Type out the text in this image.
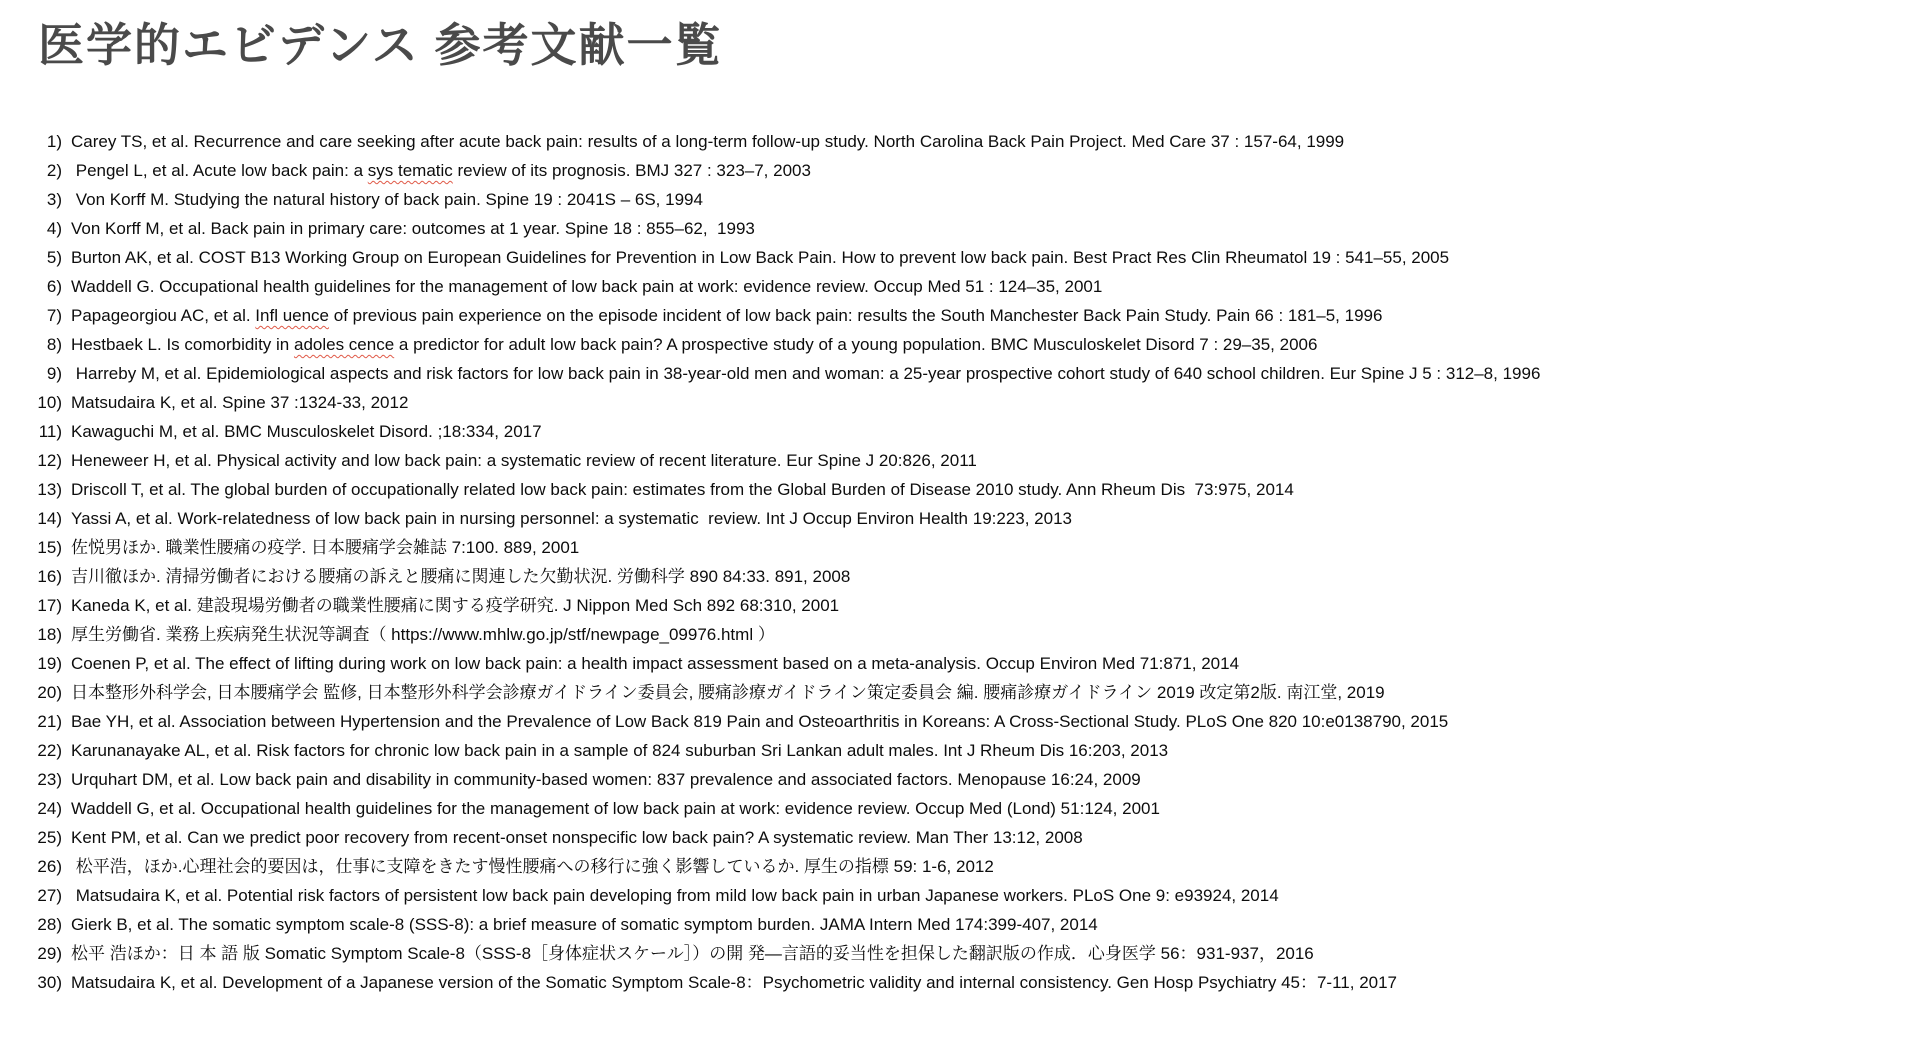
医学的エビデンス 参考文献一覧
1) Carey TS, et al. Recurrence and care seeking after acute back pain: results of a long-term follow-up study. North Carolina Back Pain Project. Med Care 37 : 157-64, 1999
2) Pengel L, et al. Acute low back pain: a sys tematic review of its prognosis. BMJ 327 : 323–7, 2003
3) Von Korff M. Studying the natural history of back pain. Spine 19 : 2041S – 6S, 1994
4) Von Korff M, et al. Back pain in primary care: outcomes at 1 year. Spine 18 : 855–62,  1993
5) Burton AK, et al. COST B13 Working Group on European Guidelines for Prevention in Low Back Pain. How to prevent low back pain. Best Pract Res Clin Rheumatol 19 : 541–55, 2005
6) Waddell G. Occupational health guidelines for the management of low back pain at work: evidence review. Occup Med 51 : 124–35, 2001
7) Papageorgiou AC, et al. Infl uence of previous pain experience on the episode incident of low back pain: results the South Manchester Back Pain Study. Pain 66 : 181–5, 1996
8) Hestbaek L. Is comorbidity in adoles cence a predictor for adult low back pain? A prospective study of a young population. BMC Musculoskelet Disord 7 : 29–35, 2006
9) Harreby M, et al. Epidemiological aspects and risk factors for low back pain in 38-year-old men and woman: a 25-year prospective cohort study of 640 school children. Eur Spine J 5 : 312–8, 1996
10) Matsudaira K, et al. Spine 37 :1324-33, 2012
11) Kawaguchi M, et al. BMC Musculoskelet Disord. ;18:334, 2017
12) Heneweer H, et al. Physical activity and low back pain: a systematic review of recent literature. Eur Spine J 20:826, 2011
13) Driscoll T, et al. The global burden of occupationally related low back pain: estimates from the Global Burden of Disease 2010 study. Ann Rheum Dis  73:975, 2014
14) Yassi A, et al. Work-relatedness of low back pain in nursing personnel: a systematic  review. Int J Occup Environ Health 19:223, 2013
15) 佐悦男ほか. 職業性腰痛の疫学. 日本腰痛学会雑誌 7:100. 889, 2001
16) 吉川徹ほか. 清掃労働者における腰痛の訴えと腰痛に関連した欠勤状況. 労働科学 890 84:33. 891, 2008
17) Kaneda K, et al. 建設現場労働者の職業性腰痛に関する疫学研究. J Nippon Med Sch 892 68:310, 2001
18) 厚生労働省. 業務上疾病発生状況等調査（ https://www.mhlw.go.jp/stf/newpage_09976.html ）
19) Coenen P, et al. The effect of lifting during work on low back pain: a health impact assessment based on a meta-analysis. Occup Environ Med 71:871, 2014
20) 日本整形外科学会, 日本腰痛学会 監修, 日本整形外科学会診療ガイドライン委員会, 腰痛診療ガイドライン策定委員会 編. 腰痛診療ガイドライン 2019 改定第2版. 南江堂, 2019
21) Bae YH, et al. Association between Hypertension and the Prevalence of Low Back 819 Pain and Osteoarthritis in Koreans: A Cross-Sectional Study. PLoS One 820 10:e0138790, 2015
22) Karunanayake AL, et al. Risk factors for chronic low back pain in a sample of 824 suburban Sri Lankan adult males. Int J Rheum Dis 16:203, 2013
23) Urquhart DM, et al. Low back pain and disability in community-based women: 837 prevalence and associated factors. Menopause 16:24, 2009
24) Waddell G, et al. Occupational health guidelines for the management of low back pain at work: evidence review. Occup Med (Lond) 51:124, 2001
25) Kent PM, et al. Can we predict poor recovery from recent-onset nonspecific low back pain? A systematic review. Man Ther 13:12, 2008
26) 松平浩，ほか.心理社会的要因は，仕事に支障をきたす慢性腰痛への移行に強く影響しているか. 厚生の指標 59: 1-6, 2012
27) Matsudaira K, et al. Potential risk factors of persistent low back pain developing from mild low back pain in urban Japanese workers. PLoS One 9: e93924, 2014
28) Gierk B, et al. The somatic symptom scale-8 (SSS-8): a brief measure of somatic symptom burden. JAMA Intern Med 174:399-407, 2014
29) 松平 浩ほか：日 本 語 版 Somatic Symptom Scale-8（SSS-8［身体症状スケール］）の開 発―言語的妥当性を担保した翻訳版の作成．心身医学 56：931-937，2016
30) Matsudaira K, et al. Development of a Japanese version of the Somatic Symptom Scale-8：Psychometric validity and internal consistency. Gen Hosp Psychiatry 45：7-11, 2017
